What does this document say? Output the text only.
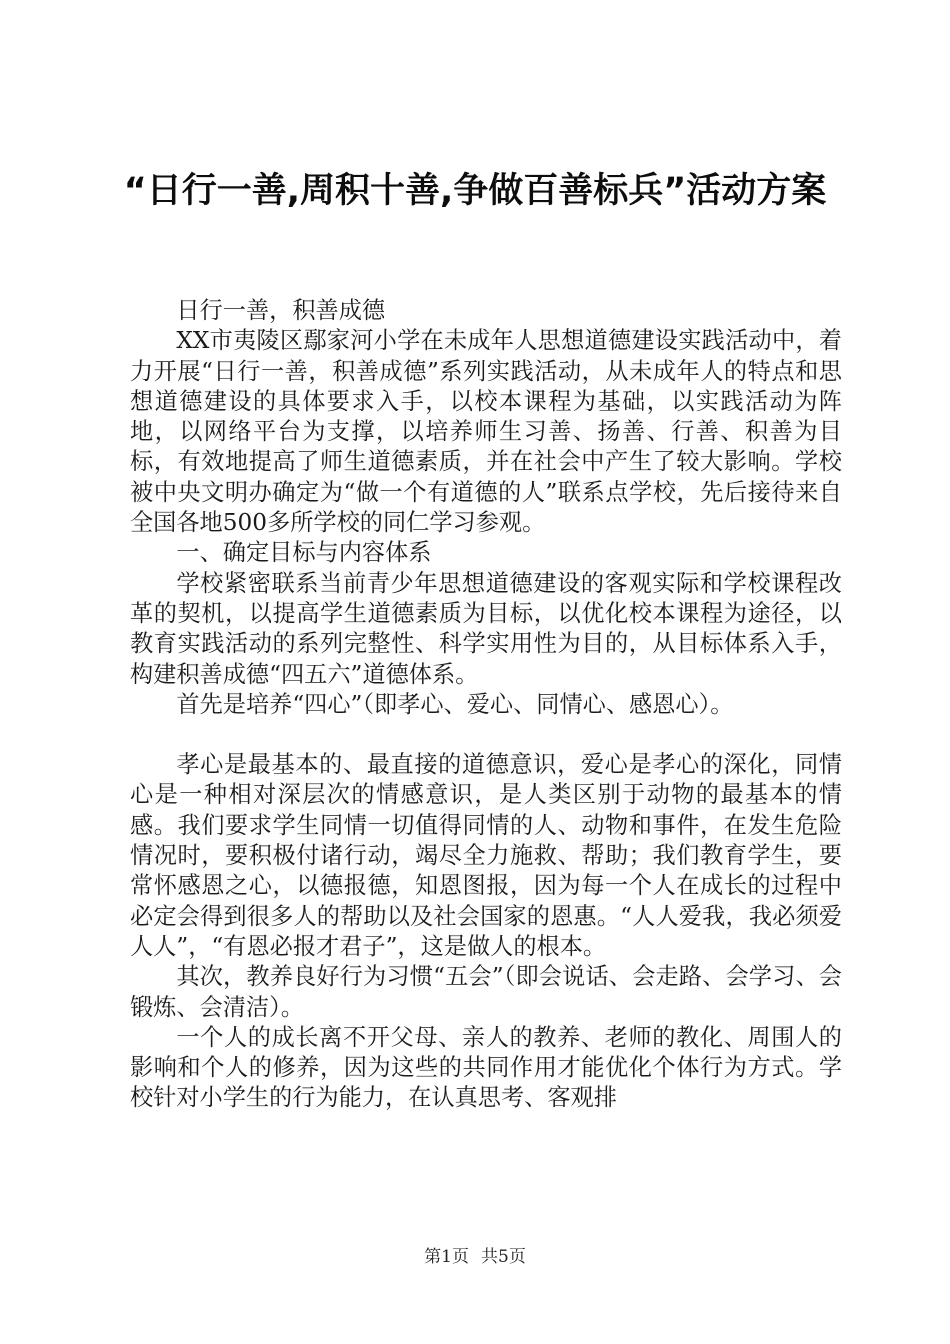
“日行一善,周积十善,争做百善标兵”活动方案

日行一善，积善成德

XX市夷陵区鄢家河小学在未成年人思想道德建设实践活动中，着力开展“日行一善，积善成德”系列实践活动，从未成年人的特点和思想道德建设的具体要求入手，以校本课程为基础，以实践活动为阵地，以网络平台为支撑，以培养师生习善、扬善、行善、积善为目标，有效地提高了师生道德素质，并在社会中产生了较大影响。学校被中央文明办确定为“做一个有道德的人”联系点学校，先后接待来自全国各地500多所学校的同仁学习参观。

一、确定目标与内容体系

学校紧密联系当前青少年思想道德建设的客观实际和学校课程改革的契机，以提高学生道德素质为目标，以优化校本课程为途径，以教育实践活动的系列完整性、科学实用性为目的，从目标体系入手，构建积善成德“四五六”道德体系。

首先是培养“四心”（即孝心、爱心、同情心、感恩心）。

孝心是最基本的、最直接的道德意识，爱心是孝心的深化，同情心是一种相对深层次的情感意识，是人类区别于动物的最基本的情感。我们要求学生同情一切值得同情的人、动物和事件，在发生危险情况时，要积极付诸行动，竭尽全力施救、帮助；我们教育学生，要常怀感恩之心，以德报德，知恩图报，因为每一个人在成长的过程中必定会得到很多人的帮助以及社会国家的恩惠。“人人爱我，我必须爱人人”，“有恩必报才君子”，这是做人的根本。

其次，教养良好行为习惯“五会”（即会说话、会走路、会学习、会锻炼、会清洁）。

一个人的成长离不开父母、亲人的教养、老师的教化、周围人的影响和个人的修养，因为这些的共同作用才能优化个体行为方式。学校针对小学生的行为能力，在认真思考、客观排

第1页 共5页
